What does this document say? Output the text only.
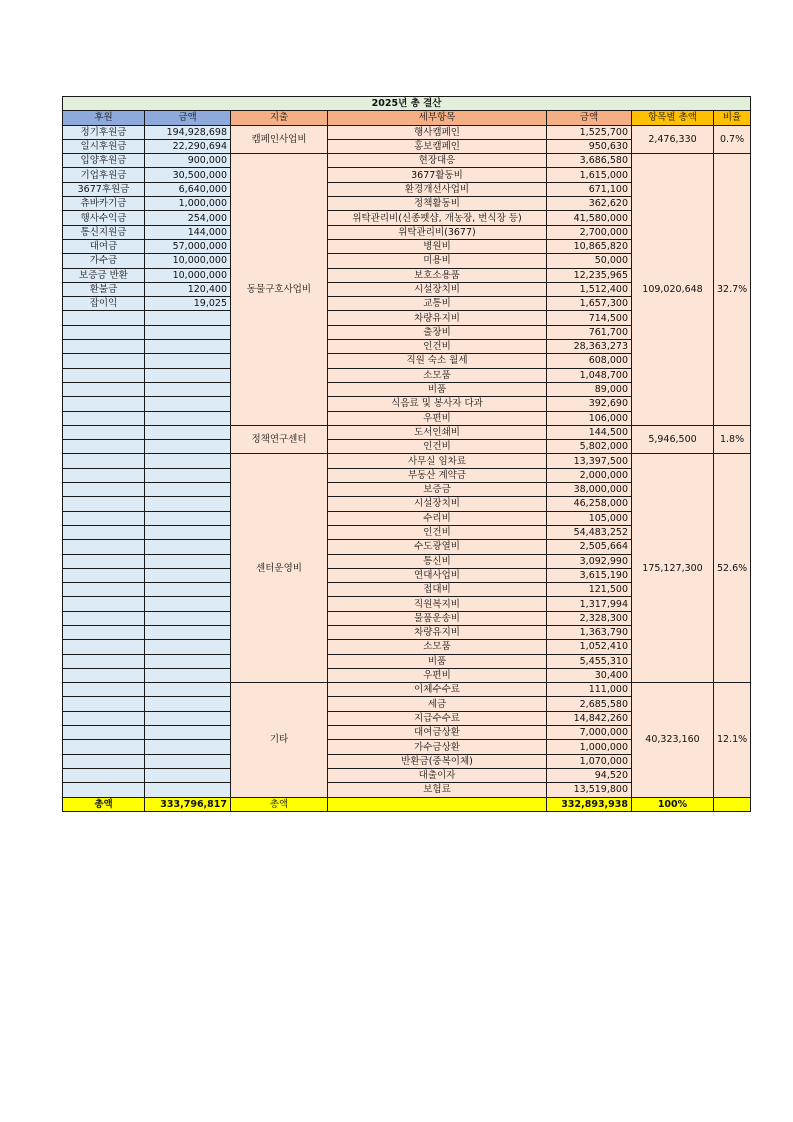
2025년 총 결산						
후원	금액	지출	세부항목	금액	항목별 총액	비율
정기후원금	194,928,698	캠페인사업비	행사캠페인	1,525,700	2,476,330	0.7%
일시후원금	22,290,694		홍보캠페인	950,630		
입양후원금	900,000	동물구호사업비	현장대응	3,686,580	109,020,648	32.7%
기업후원금	30,500,000		3677활동비	1,615,000		
3677후원금	6,640,000		환경개선사업비	671,100		
츄바카기금	1,000,000		정책활동비	362,620		
행사수익금	254,000		위탁관리비(신종펫샵, 개농장, 번식장 등)	41,580,000		
통신지원금	144,000		위탁관리비(3677)	2,700,000		
대여금	57,000,000		병원비	10,865,820		
가수금	10,000,000		미용비	50,000		
보증금 반환	10,000,000		보호소용품	12,235,965		
환불금	120,400		시설장치비	1,512,400		
잡이익	19,025		교통비	1,657,300		
			차량유지비	714,500		
			출장비	761,700		
			인건비	28,363,273		
			직원 숙소 월세	608,000		
			소모품	1,048,700		
			비품	89,000		
			식음료 및 봉사자 다과	392,690		
			우편비	106,000		
		정책연구센터	도서인쇄비	144,500	5,946,500	1.8%
			인건비	5,802,000		
		센터운영비	사무실 임차료	13,397,500	175,127,300	52.6%
			부동산 계약금	2,000,000		
			보증금	38,000,000		
			시설장치비	46,258,000		
			수리비	105,000		
			인건비	54,483,252		
			수도광열비	2,505,664		
			통신비	3,092,990		
			연대사업비	3,615,190		
			접대비	121,500		
			직원복지비	1,317,994		
			물품운송비	2,328,300		
			차량유지비	1,363,790		
			소모품	1,052,410		
			비품	5,455,310		
			우편비	30,400		
		기타	이체수수료	111,000	40,323,160	12.1%
			세금	2,685,580		
			지급수수료	14,842,260		
			대여금상환	7,000,000		
			가수금상환	1,000,000		
			반환금(중복이체)	1,070,000		
			대출이자	94,520		
			보험료	13,519,800		
총액	333,796,817	총액		332,893,938	100%	
